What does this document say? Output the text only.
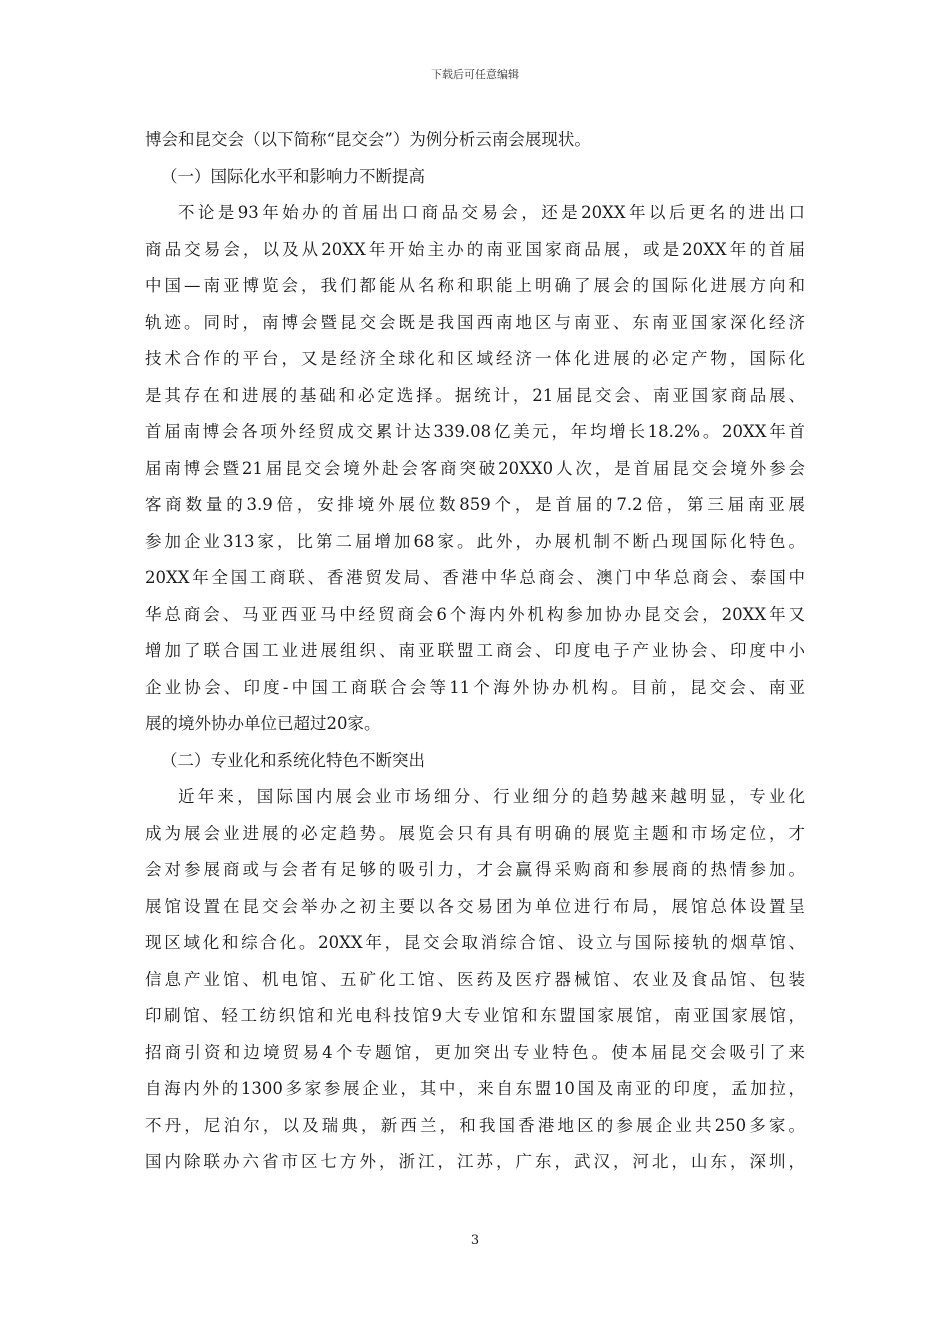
下载后可任意编辑
博会和昆交会（以下简称“昆交会”）为例分析云南会展现状。
（一）国际化水平和影响力不断提高
不论是93年始办的首届出口商品交易会，还是20XX年以后更名的进出口
商品交易会，以及从20XX年开始主办的南亚国家商品展，或是20XX年的首届
中国—南亚博览会，我们都能从名称和职能上明确了展会的国际化进展方向和
轨迹。同时，南博会暨昆交会既是我国西南地区与南亚、东南亚国家深化经济
技术合作的平台，又是经济全球化和区域经济一体化进展的必定产物，国际化
是其存在和进展的基础和必定选择。据统计，21届昆交会、南亚国家商品展、
首届南博会各项外经贸成交累计达339.08亿美元，年均增长18.2%。20XX年首
届南博会暨21届昆交会境外赴会客商突破20XX0人次，是首届昆交会境外参会
客商数量的3.9倍，安排境外展位数859个，是首届的7.2倍，第三届南亚展
参加企业313家，比第二届增加68家。此外，办展机制不断凸现国际化特色。
20XX年全国工商联、香港贸发局、香港中华总商会、澳门中华总商会、泰国中
华总商会、马亚西亚马中经贸商会6个海内外机构参加协办昆交会，20XX年又
增加了联合国工业进展组织、南亚联盟工商会、印度电子产业协会、印度中小
企业协会、印度-中国工商联合会等11个海外协办机构。目前，昆交会、南亚
展的境外协办单位已超过20家。
（二）专业化和系统化特色不断突出
近年来，国际国内展会业市场细分、行业细分的趋势越来越明显，专业化
成为展会业进展的必定趋势。展览会只有具有明确的展览主题和市场定位，才
会对参展商或与会者有足够的吸引力，才会赢得采购商和参展商的热情参加。
展馆设置在昆交会举办之初主要以各交易团为单位进行布局，展馆总体设置呈
现区域化和综合化。20XX年，昆交会取消综合馆、设立与国际接轨的烟草馆、
信息产业馆、机电馆、五矿化工馆、医药及医疗器械馆、农业及食品馆、包装
印刷馆、轻工纺织馆和光电科技馆9大专业馆和东盟国家展馆，南亚国家展馆，
招商引资和边境贸易4个专题馆，更加突出专业特色。使本届昆交会吸引了来
自海内外的1300多家参展企业，其中，来自东盟10国及南亚的印度，孟加拉，
不丹，尼泊尔，以及瑞典，新西兰，和我国香港地区的参展企业共250多家。
国内除联办六省市区七方外，浙江，江苏，广东，武汉，河北，山东，深圳，
3
